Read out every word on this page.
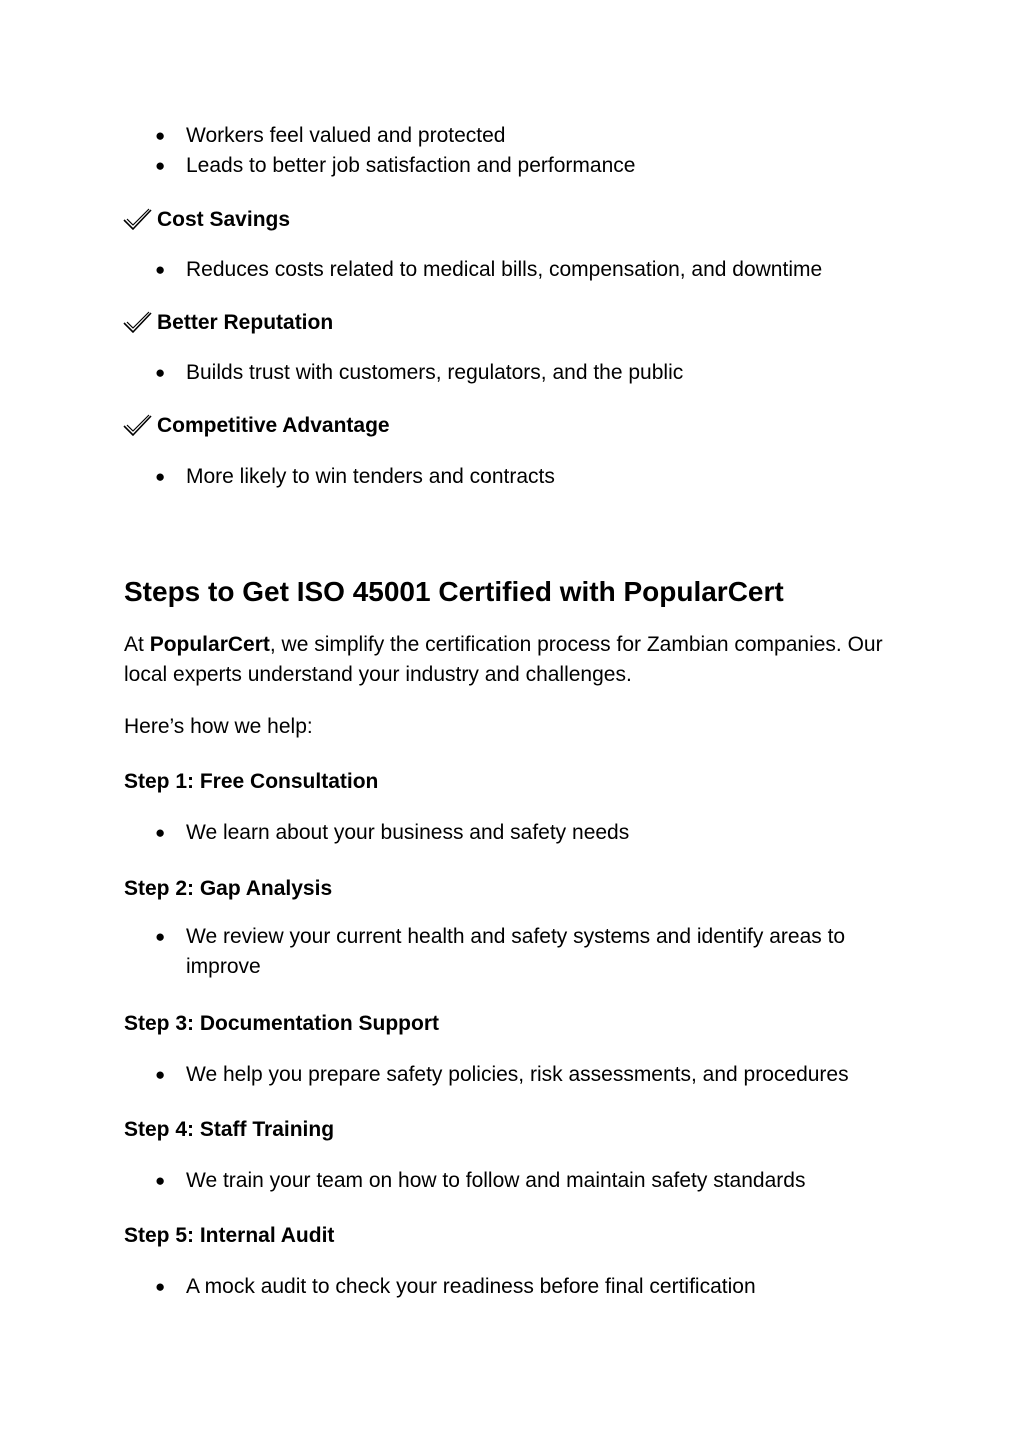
● Workers feel valued and protected
● Leads to better job satisfaction and performance
Cost Savings
● Reduces costs related to medical bills, compensation, and downtime
Better Reputation
● Builds trust with customers, regulators, and the public
Competitive Advantage
● More likely to win tenders and contracts
Steps to Get ISO 45001 Certified with PopularCert

At PopularCert, we simplify the certification process for Zambian companies. Our local experts understand your industry and challenges.

Here’s how we help:

Step 1: Free Consultation
● We learn about your business and safety needs
Step 2: Gap Analysis
● We review your current health and safety systems and identify areas to improve
Step 3: Documentation Support
● We help you prepare safety policies, risk assessments, and procedures
Step 4: Staff Training
● We train your team on how to follow and maintain safety standards
Step 5: Internal Audit
● A mock audit to check your readiness before final certification
